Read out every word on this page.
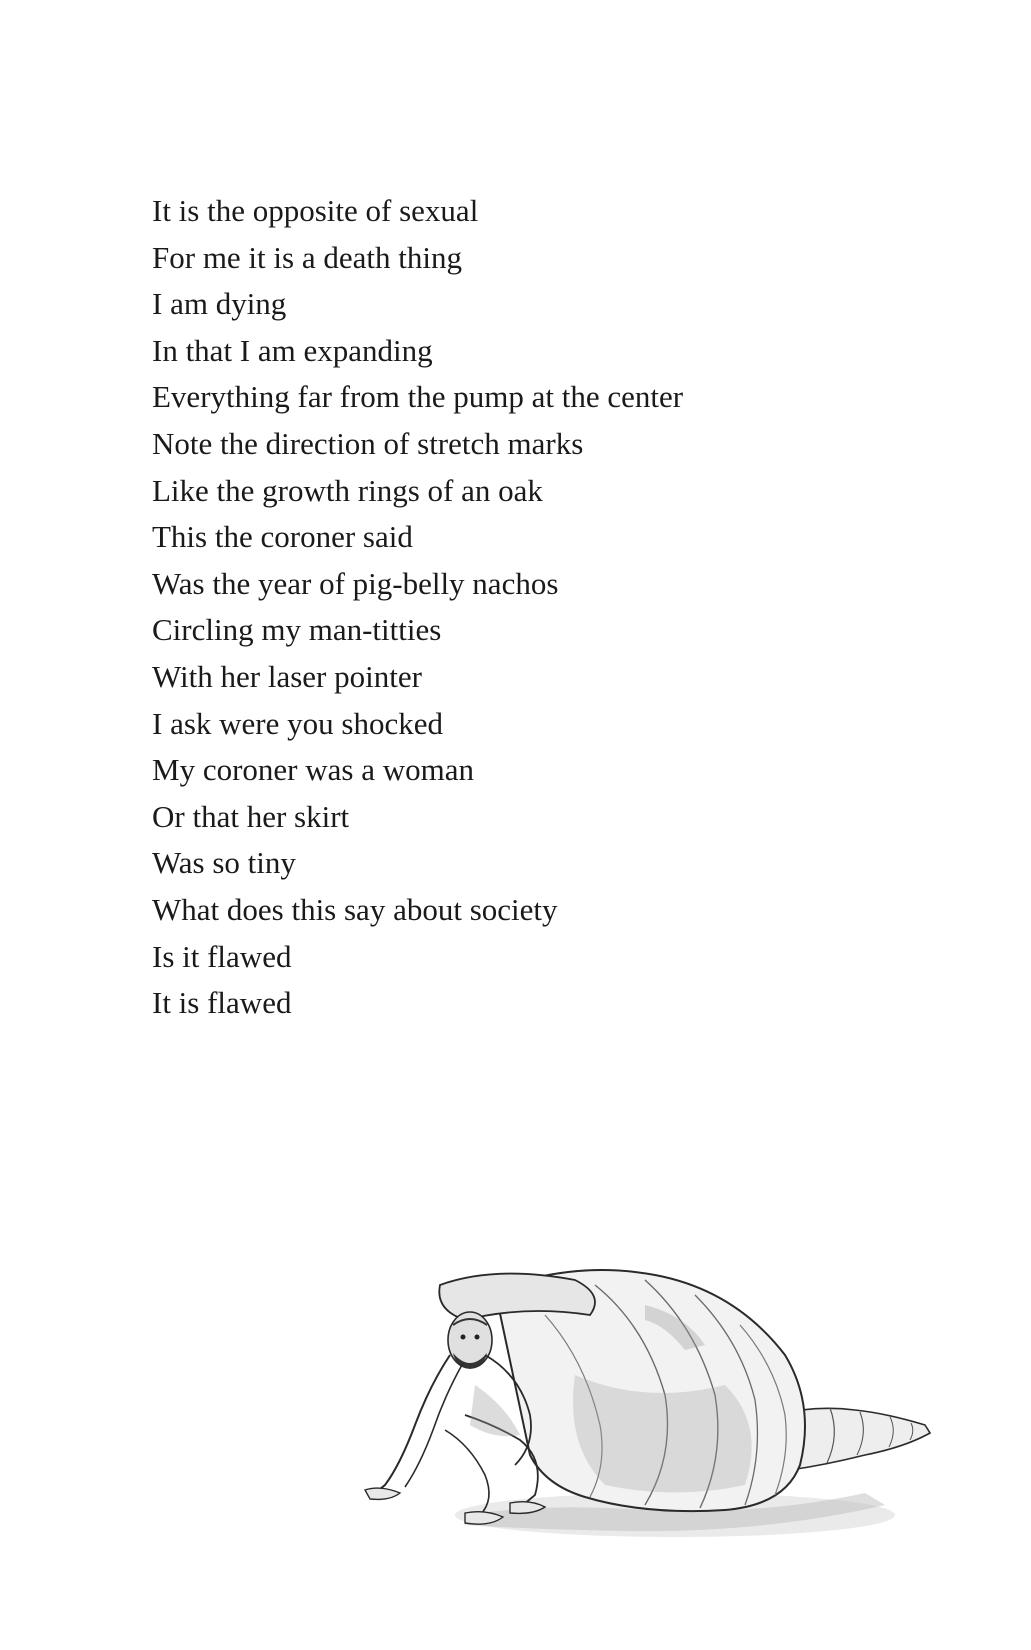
It is the opposite of sexual
For me it is a death thing
I am dying
In that I am expanding
Everything far from the pump at the center
Note the direction of stretch marks
Like the growth rings of an oak
This the coroner said
Was the year of pig-belly nachos
Circling my man-titties
With her laser pointer
I ask were you shocked
My coroner was a woman
Or that her skirt
Was so tiny
What does this say about society
Is it flawed
It is flawed
